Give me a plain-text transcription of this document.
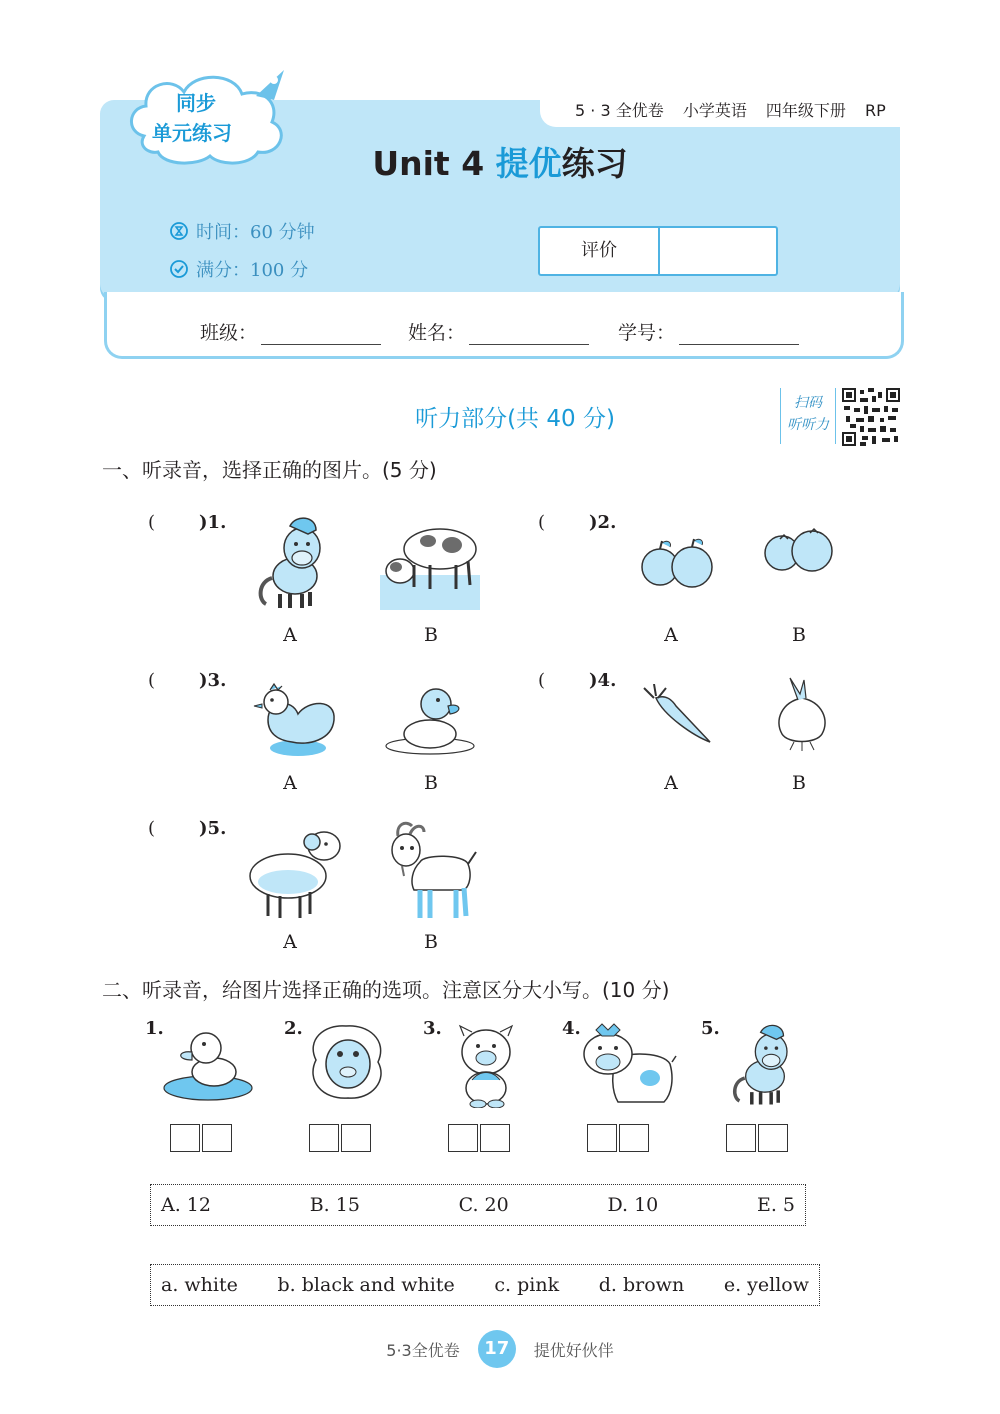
5 · 3 全优卷 小学英语 四年级下册 RP
同步
单元练习
Unit 4 提优练习
时间：60 分钟
满分：100 分
评价
班级：	姓名：	学号：
听力部分(共 40 分)
扫码
听听力
一、听录音，选择正确的图片。(5 分)
( )1.
A	B
( )2.
A	B
( )3.
A	B
( )4.
A	B
( )5.
A	B
二、听录音，给图片选择正确的选项。注意区分大小写。(10 分)
1.	2.	3.	4.	5.
A. 12	B. 15	C. 20	D. 10	E. 5
a. white b. black and white c. pink d. brown e. yellow
5·3全优卷	17	提优好伙伴
